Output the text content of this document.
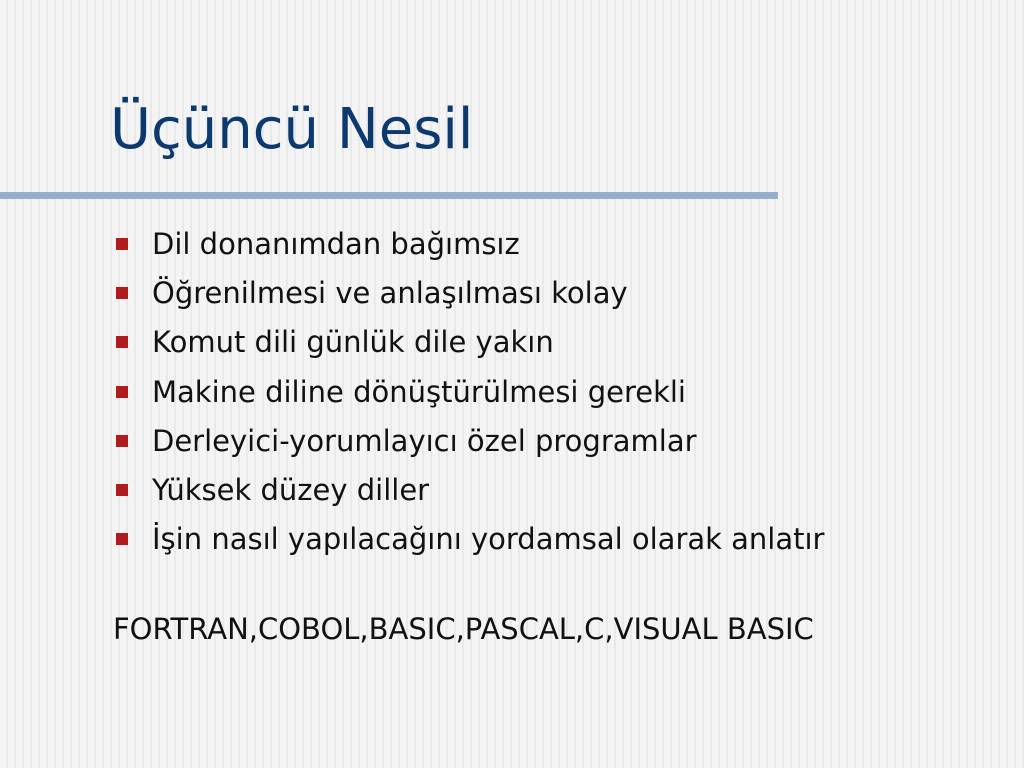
Üçüncü Nesil
Dil donanımdan bağımsız
Öğrenilmesi ve anlaşılması kolay
Komut dili günlük dile yakın
Makine diline dönüştürülmesi gerekli
Derleyici-yorumlayıcı özel programlar
Yüksek düzey diller
İşin nasıl yapılacağını yordamsal olarak anlatır

FORTRAN,COBOL,BASIC,PASCAL,C,VISUAL BASIC
